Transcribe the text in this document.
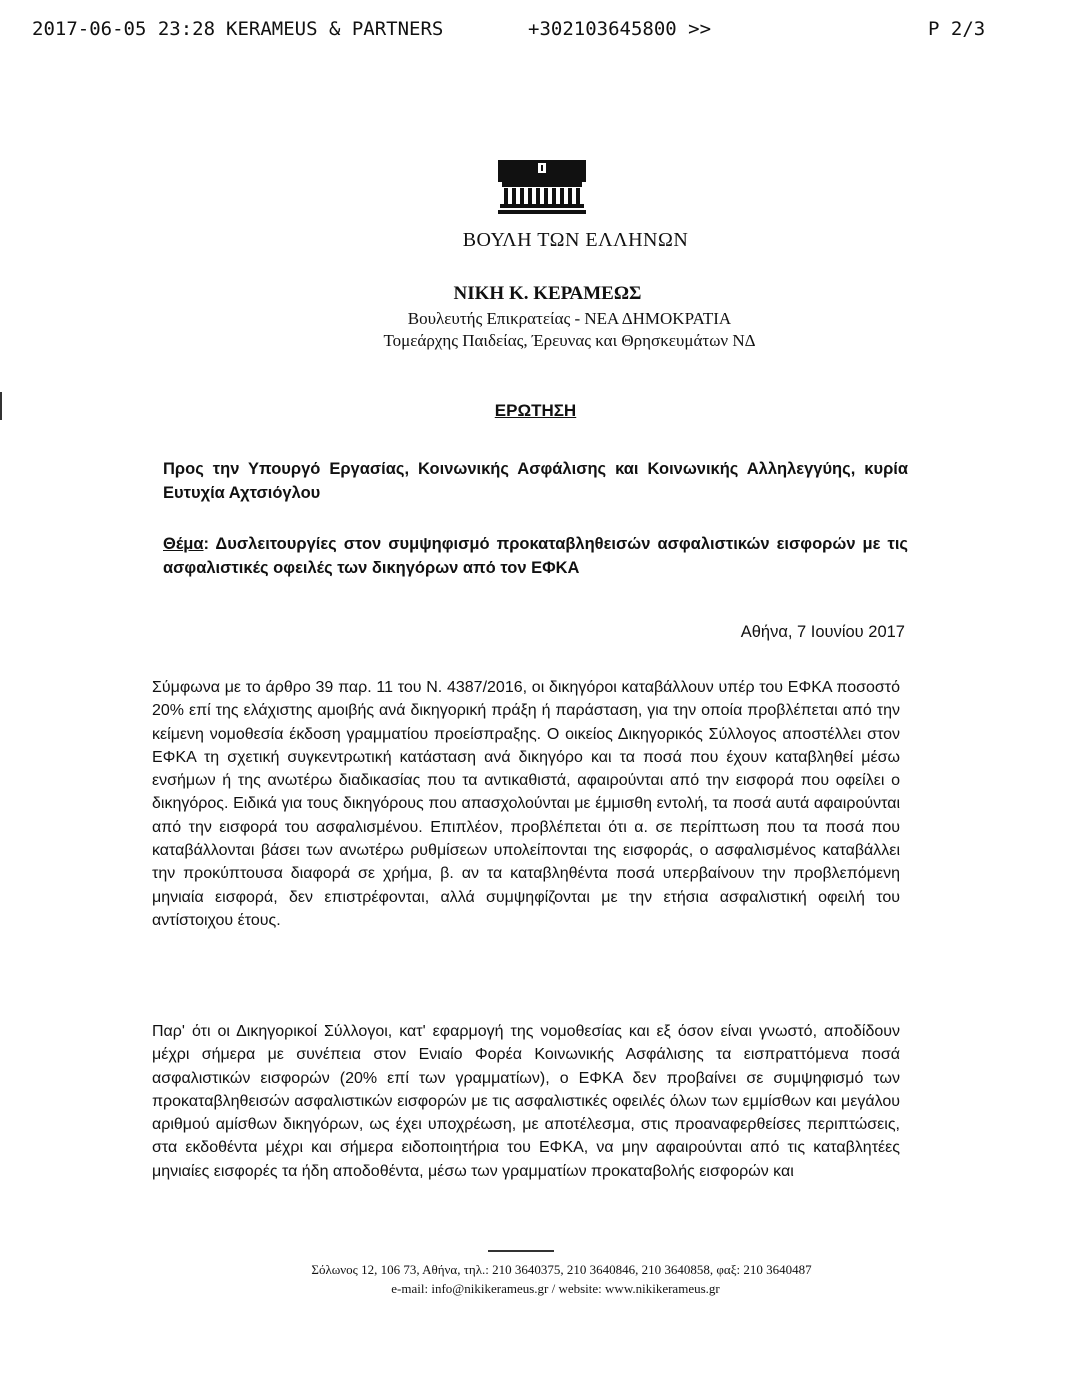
2017-06-05 23:28 KERAMEUS & PARTNERS	+302103645800 >>	P 2/3
ΒΟΥΛΗ ΤΩΝ ΕΛΛΗΝΩΝ
ΝΙΚΗ Κ. ΚΕΡΑΜΕΩΣ
Βουλευτής Επικρατείας - ΝΕΑ ΔΗΜΟΚΡΑΤΙΑ
Τομεάρχης Παιδείας, Έρευνας και Θρησκευμάτων ΝΔ
ΕΡΩΤΗΣΗ
Προς την Υπουργό Εργασίας, Κοινωνικής Ασφάλισης και Κοινωνικής Αλληλεγγύης, κυρία Ευτυχία Αχτσιόγλου
Θέμα: Δυσλειτουργίες στον συμψηφισμό προκαταβληθεισών ασφαλιστικών εισφορών με τις ασφαλιστικές οφειλές των δικηγόρων από τον ΕΦΚΑ
Αθήνα, 7 Ιουνίου 2017
Σύμφωνα με το άρθρο 39 παρ. 11 του Ν. 4387/2016, οι δικηγόροι καταβάλλουν υπέρ του ΕΦΚΑ ποσοστό 20% επί της ελάχιστης αμοιβής ανά δικηγορική πράξη ή παράσταση, για την οποία προβλέπεται από την κείμενη νομοθεσία έκδοση γραμματίου προείσπραξης. Ο οικείος Δικηγορικός Σύλλογος αποστέλλει στον ΕΦΚΑ τη σχετική συγκεντρωτική κατάσταση ανά δικηγόρο και τα ποσά που έχουν καταβληθεί μέσω ενσήμων ή της ανωτέρω διαδικασίας που τα αντικαθιστά, αφαιρούνται από την εισφορά που οφείλει ο δικηγόρος. Ειδικά για τους δικηγόρους που απασχολούνται με έμμισθη εντολή, τα ποσά αυτά αφαιρούνται από την εισφορά του ασφαλισμένου. Επιπλέον, προβλέπεται ότι α. σε περίπτωση που τα ποσά που καταβάλλονται βάσει των ανωτέρω ρυθμίσεων υπολείπονται της εισφοράς, ο ασφαλισμένος καταβάλλει την προκύπτουσα διαφορά σε χρήμα, β. αν τα καταβληθέντα ποσά υπερβαίνουν την προβλεπόμενη μηνιαία εισφορά, δεν επιστρέφονται, αλλά συμψηφίζονται με την ετήσια ασφαλιστική οφειλή του αντίστοιχου έτους.
Παρ' ότι οι Δικηγορικοί Σύλλογοι, κατ' εφαρμογή της νομοθεσίας και εξ όσον είναι γνωστό, αποδίδουν μέχρι σήμερα με συνέπεια στον Ενιαίο Φορέα Κοινωνικής Ασφάλισης τα εισπραττόμενα ποσά ασφαλιστικών εισφορών (20% επί των γραμματίων), ο ΕΦΚΑ δεν προβαίνει σε συμψηφισμό των προκαταβληθεισών ασφαλιστικών εισφορών με τις ασφαλιστικές οφειλές όλων των εμμίσθων και μεγάλου αριθμού αμίσθων δικηγόρων, ως έχει υποχρέωση, με αποτέλεσμα, στις προαναφερθείσες περιπτώσεις, στα εκδοθέντα μέχρι και σήμερα ειδοποιητήρια του ΕΦΚΑ, να μην αφαιρούνται από τις καταβλητέες μηνιαίες εισφορές τα ήδη αποδοθέντα, μέσω των γραμματίων προκαταβολής εισφορών και
Σόλωνος 12, 106 73, Αθήνα, τηλ.: 210 3640375, 210 3640846, 210 3640858, φαξ: 210 3640487
e-mail: info@nikikerameus.gr / website: www.nikikerameus.gr
